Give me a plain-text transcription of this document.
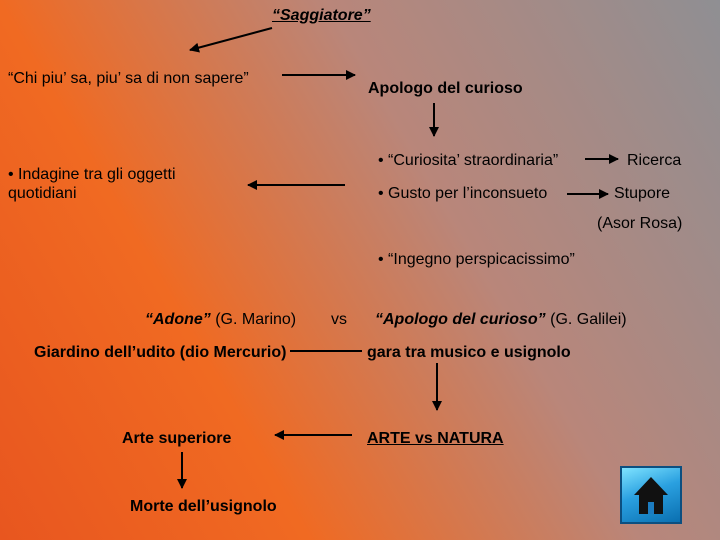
“Saggiatore”
“Chi piu’ sa, piu’ sa di non sapere”
Apologo del curioso
• Indagine tra gli oggetti
quotidiani
• “Curiosita’ straordinaria”	Ricerca
• Gusto per l’inconsueto	Stupore
(Asor Rosa)
• “Ingegno perspicacissimo”
“Adone” (G. Marino) vs “Apologo del curioso” (G. Galilei)
Giardino dell’udito (dio Mercurio)	gara tra musico e usignolo
Arte superiore	ARTE vs NATURA
Morte dell’usignolo
